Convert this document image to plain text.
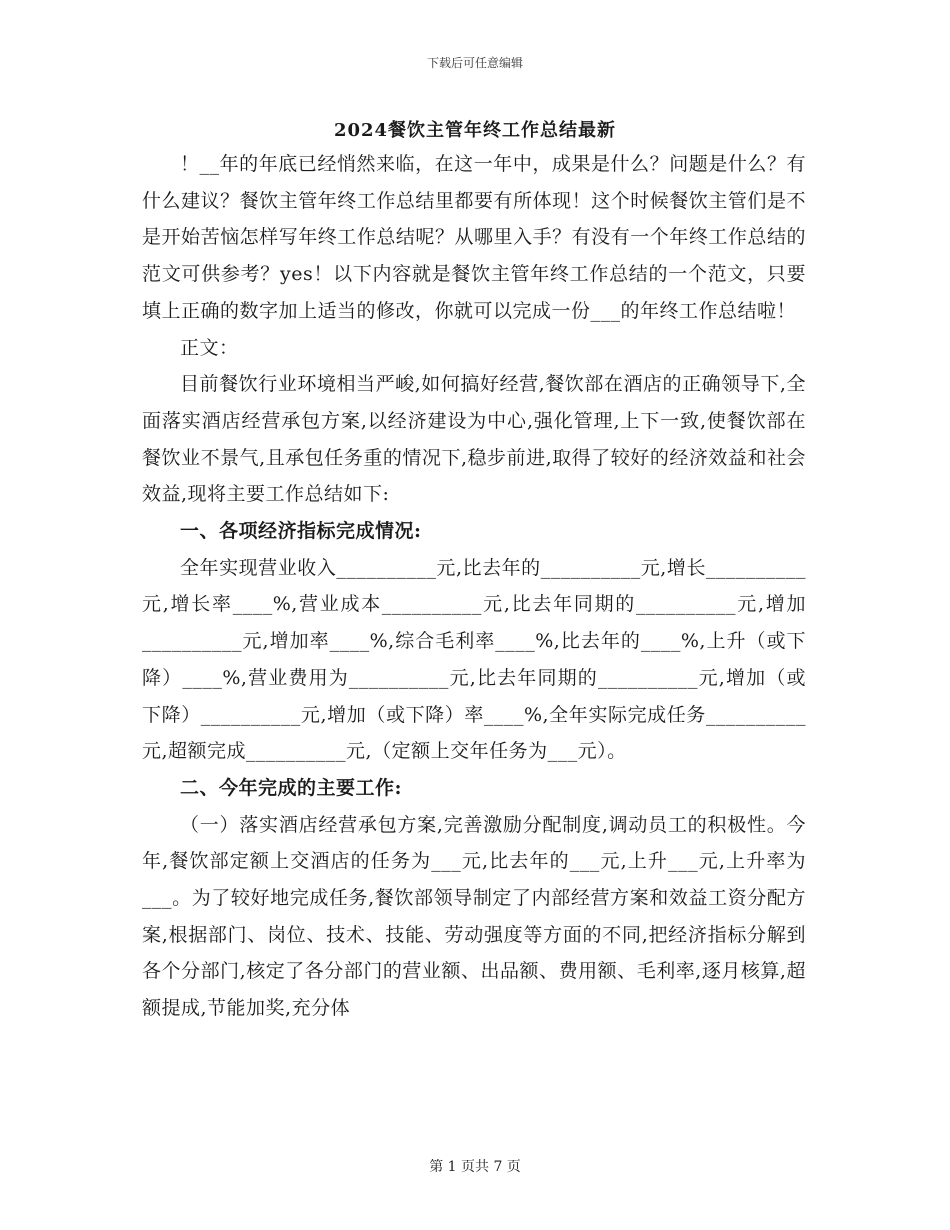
下载后可任意编辑
2024餐饮主管年终工作总结最新

！__年的年底已经悄然来临，在这一年中，成果是什么？问题是什么？有什么建议？餐饮主管年终工作总结里都要有所体现！这个时候餐饮主管们是不是开始苦恼怎样写年终工作总结呢？从哪里入手？有没有一个年终工作总结的范文可供参考？yes！以下内容就是餐饮主管年终工作总结的一个范文，只要填上正确的数字加上适当的修改，你就可以完成一份___的年终工作总结啦！

正文：

目前餐饮行业环境相当严峻,如何搞好经营,餐饮部在酒店的正确领导下,全面落实酒店经营承包方案,以经济建设为中心,强化管理,上下一致,使餐饮部在餐饮业不景气,且承包任务重的情况下,稳步前进,取得了较好的经济效益和社会效益,现将主要工作总结如下:

一、各项经济指标完成情况:

全年实现营业收入__________元,比去年的__________元,增长__________元,增长率____%,营业成本__________元,比去年同期的__________元,增加__________元,增加率____%,综合毛利率____%,比去年的____%,上升（或下降）____%,营业费用为__________元,比去年同期的__________元,增加（或下降）__________元,增加（或下降）率____%,全年实际完成任务__________元,超额完成__________元,（定额上交年任务为___元）。

二、今年完成的主要工作:

（一）落实酒店经营承包方案,完善激励分配制度,调动员工的积极性。今年,餐饮部定额上交酒店的任务为___元,比去年的___元,上升___元,上升率为___。为了较好地完成任务,餐饮部领导制定了内部经营方案和效益工资分配方案,根据部门、岗位、技术、技能、劳动强度等方面的不同,把经济指标分解到各个分部门,核定了各分部门的营业额、出品额、费用额、毛利率,逐月核算,超额提成,节能加奖,充分体

第 1 页共 7 页
